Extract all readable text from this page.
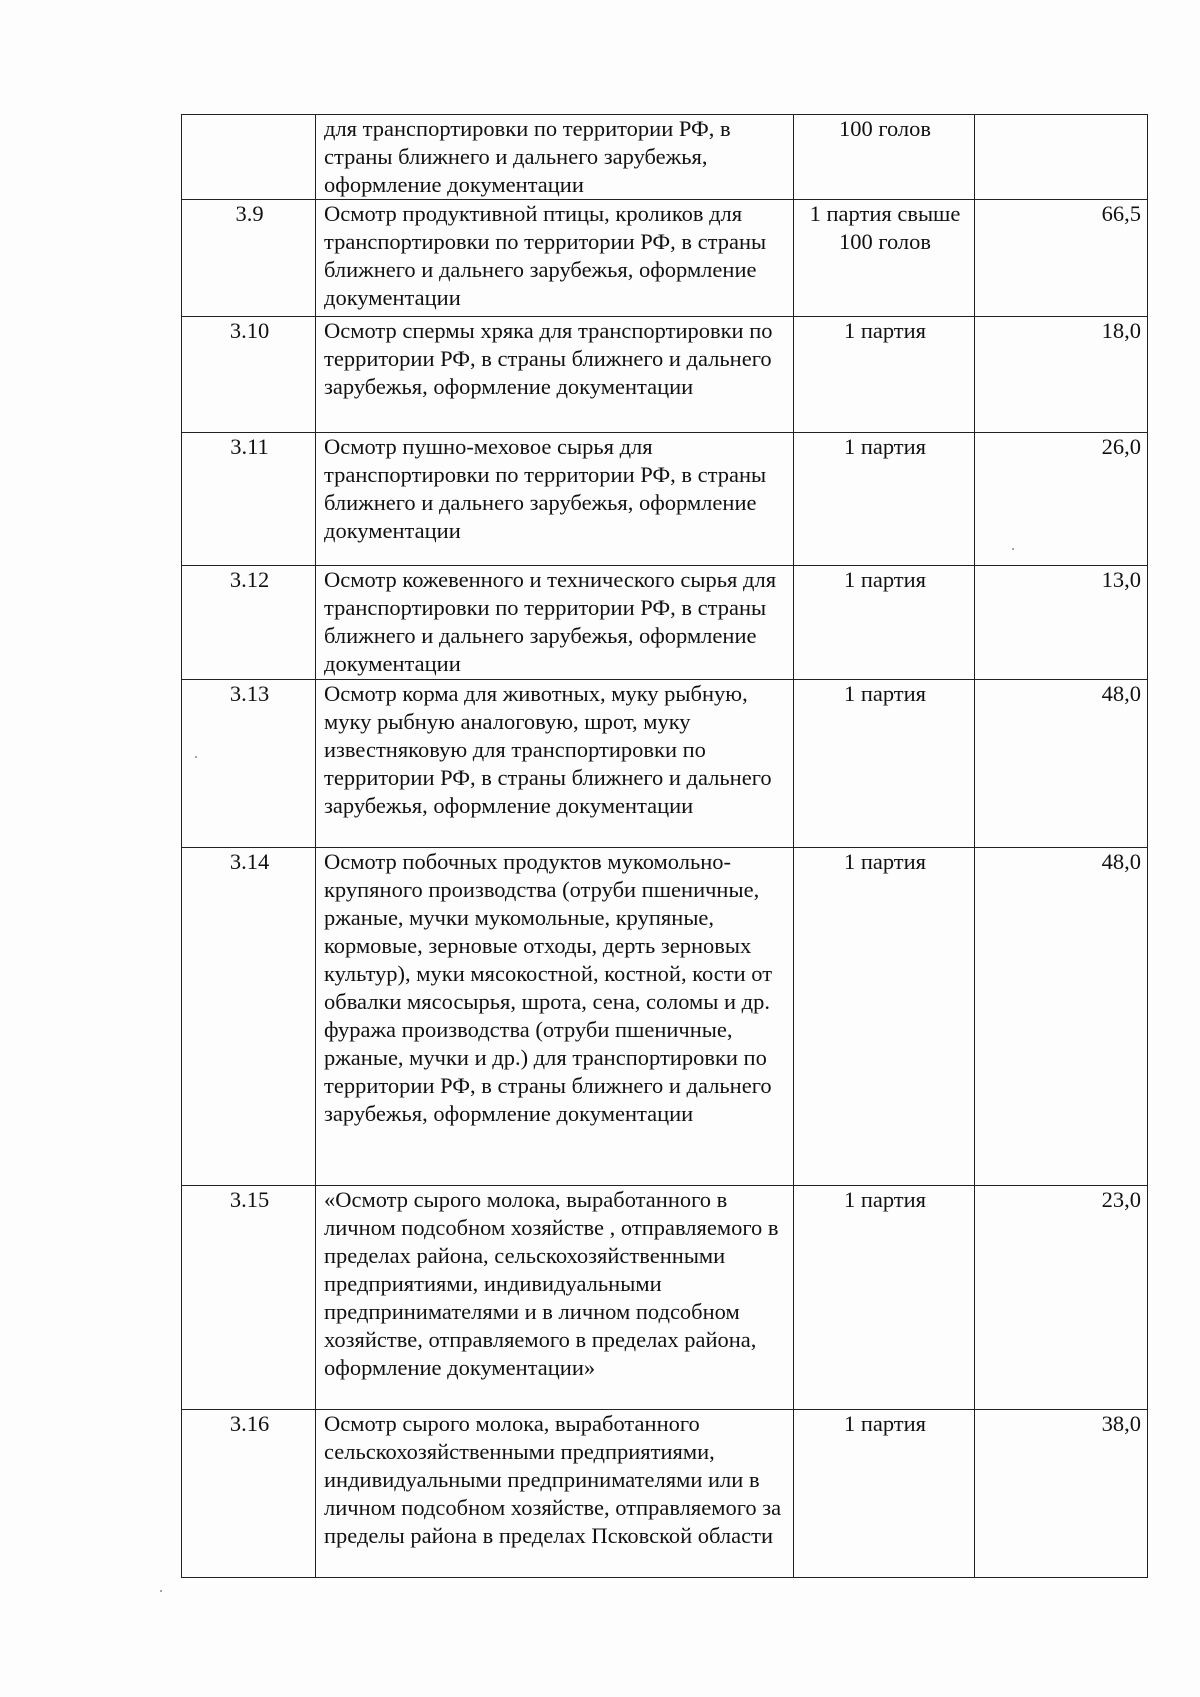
	для транспортировки по территории РФ, в страны ближнего и дальнего зарубежья, оформление документации	100 голов	
3.9	Осмотр продуктивной птицы, кроликов для транспортировки по территории РФ, в страны ближнего и дальнего зарубежья, оформление документации	1 партия свыше 100 голов	66,5
3.10	Осмотр спермы хряка для транспортировки по территории РФ, в страны ближнего и дальнего зарубежья, оформление документации	1 партия	18,0
3.11	Осмотр пушно-меховое сырья для транспортировки по территории РФ, в страны ближнего и дальнего зарубежья, оформление документации	1 партия	26,0
3.12	Осмотр кожевенного и технического сырья для транспортировки по территории РФ, в страны ближнего и дальнего зарубежья, оформление документации	1 партия	13,0
3.13	Осмотр корма для животных, муку рыбную, муку рыбную аналоговую, шрот, муку известняковую для транспортировки по территории РФ, в страны ближнего и дальнего зарубежья, оформление документации	1 партия	48,0
3.14	Осмотр побочных продуктов мукомольно-крупяного производства (отруби пшеничные, ржаные, мучки мукомольные, крупяные, кормовые, зерновые отходы, дерть зерновых культур), муки мясокостной, костной, кости от обвалки мясосырья, шрота, сена, соломы и др. фуража производства (отруби пшеничные, ржаные, мучки и др.) для транспортировки по территории РФ, в страны ближнего и дальнего зарубежья, оформление документации	1 партия	48,0
3.15	«Осмотр сырого молока, выработанного в личном подсобном хозяйстве , отправляемого в пределах района, сельскохозяйственными предприятиями, индивидуальными предпринимателями и в личном подсобном хозяйстве, отправляемого в пределах района, оформление документации»	1 партия	23,0
3.16	Осмотр сырого молока, выработанного сельскохозяйственными предприятиями, индивидуальными предпринимателями или в личном подсобном хозяйстве, отправляемого за пределы района в пределах Псковской области	1 партия	38,0
